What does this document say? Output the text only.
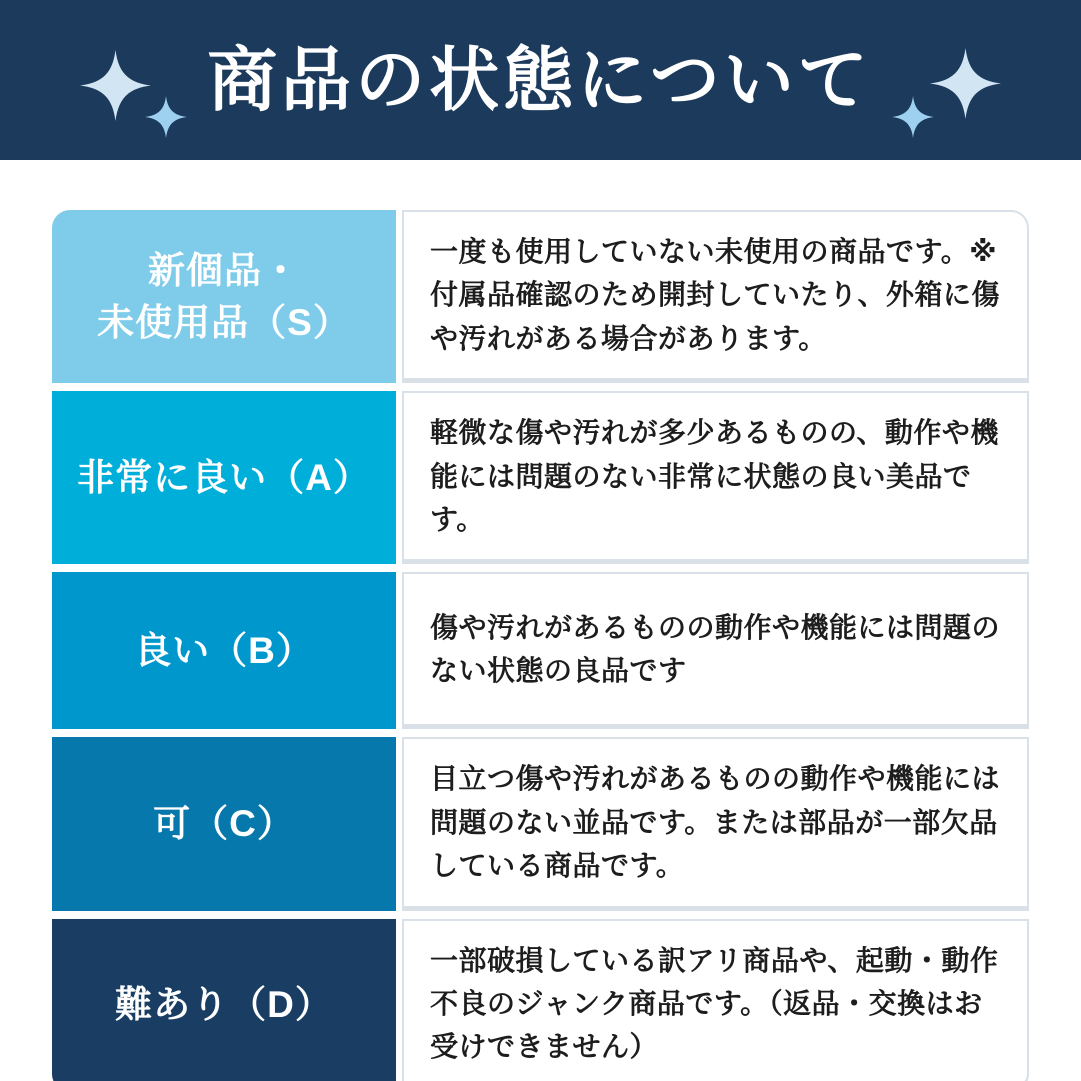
商品の状態について
新個品・
未使用品（S）
一度も使用していない未使用の商品です。※付属品確認のため開封していたり、外箱に傷や汚れがある場合があります。
非常に良い（A）
軽微な傷や汚れが多少あるものの、動作や機能には問題のない非常に状態の良い美品です。
良い（B）
傷や汚れがあるものの動作や機能には問題のない状態の良品です
可（C）
目立つ傷や汚れがあるものの動作や機能には問題のない並品です。または部品が一部欠品している商品です。
難あり（D）
一部破損している訳アリ商品や、起動・動作不良のジャンク商品です。（返品・交換はお受けできません）
